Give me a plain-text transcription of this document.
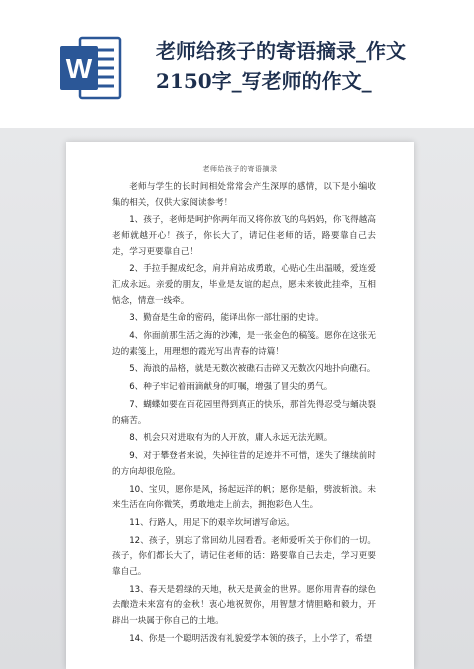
W
老师给孩子的寄语摘录_作文
2150字_写老师的作文_
老师给孩子的寄语摘录

老师与学生的长时间相处常常会产生深厚的感情，以下是小编收集的相关，仅供大家阅读参考！

1、孩子，老师是呵护你两年而又将你放飞的鸟妈妈，你飞得越高老师就越开心！孩子，你长大了，请记住老师的话，路要靠自己去走，学习更要靠自己！

2、手拉手握成纪念，肩并肩站成勇敢，心贴心生出温暖，爱连爱汇成永远。亲爱的朋友，毕业是友谊的起点，愿未来彼此挂牵，互相惦念，情意一线牵。

3、勤奋是生命的密码，能译出你一部壮丽的史诗。

4、你面前那生活之海的沙滩，是一张金色的稿笺。愿你在这张无边的素笺上，用理想的霞光写出青春的诗篇！

5、海浪的品格，就是无数次被礁石击碎又无数次闪地扑向礁石。

6、种子牢记着雨滴献身的叮嘱，增强了冒尖的勇气。

7、蝴蝶如要在百花园里得到真正的快乐，那首先得忍受与蛹决裂的痛苦。

8、机会只对进取有为的人开放，庸人永远无法光顾。

9、对于攀登者来说，失掉往昔的足迹并不可惜，迷失了继续前时的方向却很危险。

10、宝贝，愿你是风，扬起远洋的帆；愿你是船，劈波斩浪。未来生活在向你微笑，勇敢地走上前去，拥抱彩色人生。

11、行路人，用足下的艰辛坎坷谱写命运。

12、孩子，别忘了常回幼儿园看看。老师爱听关于你们的一切。孩子，你们都长大了，请记住老师的话：路要靠自己去走，学习更要靠自己。

13、春天是碧绿的天地，秋天是黄金的世界。愿你用青春的绿色去酿造未来富有的金秋！衷心地祝贺你，用智慧才情胆略和毅力，开辟出一块属于你自己的土地。

14、你是一个聪明活泼有礼貌爱学本领的孩子，上小学了，希望
